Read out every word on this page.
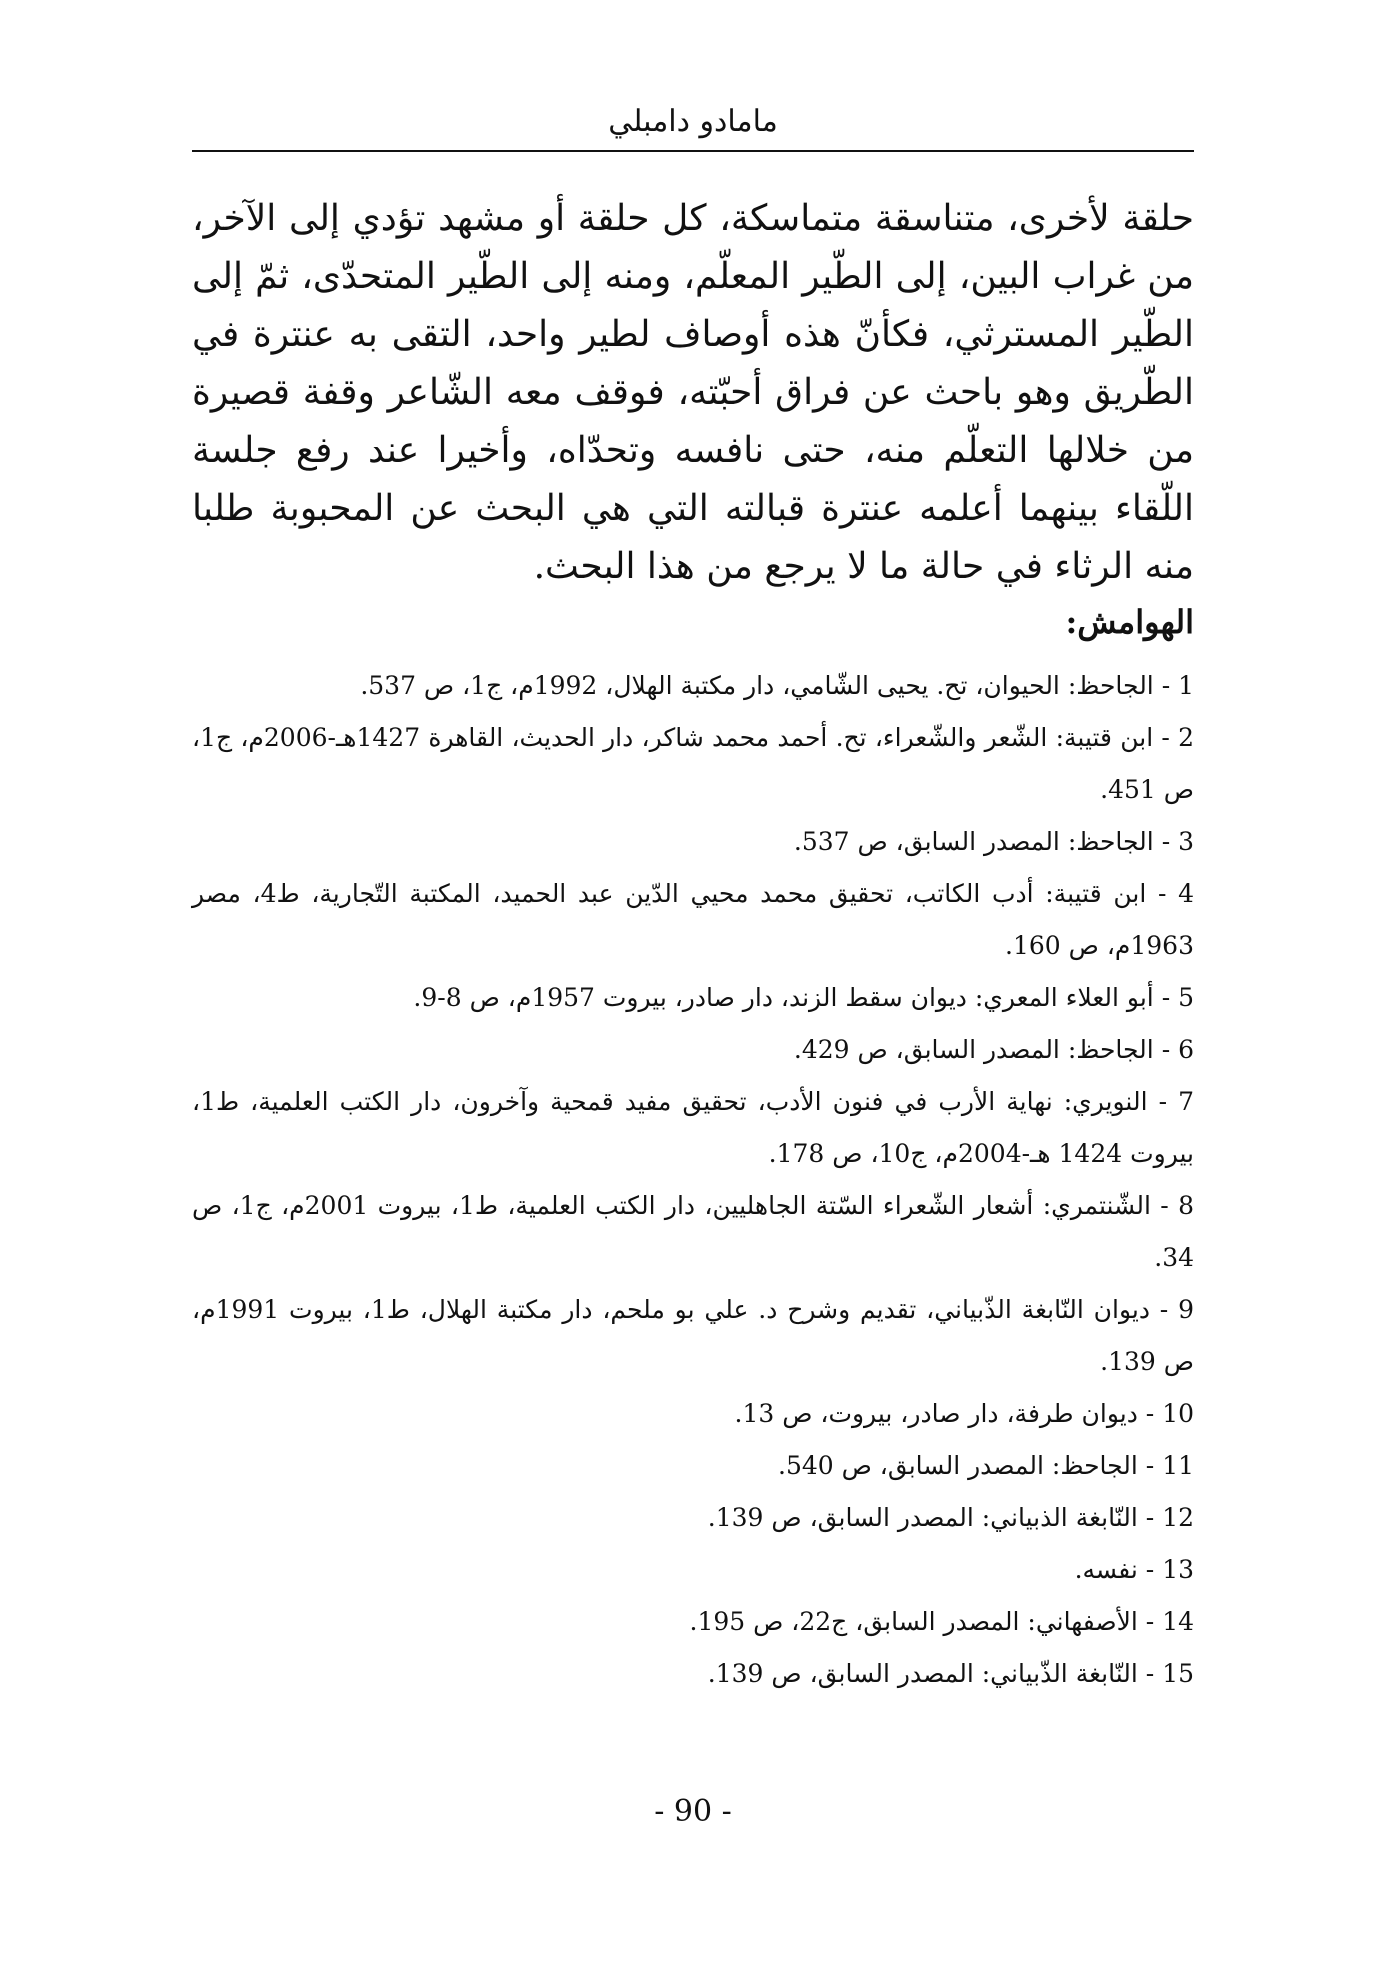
مامادو دامبلي

حلقة لأخرى، متناسقة متماسكة، كل حلقة أو مشهد تؤدي إلى الآخر، من غراب البين، إلى الطّير المعلّم، ومنه إلى الطّير المتحدّى، ثمّ إلى الطّير المسترثي، فكأنّ هذه أوصاف لطير واحد، التقى به عنترة في الطّريق وهو باحث عن فراق أحبّته، فوقف معه الشّاعر وقفة قصيرة من خلالها التعلّم منه، حتى نافسه وتحدّاه، وأخيرا عند رفع جلسة اللّقاء بينهما أعلمه عنترة قبالته التي هي البحث عن المحبوبة طلبا منه الرثاء في حالة ما لا يرجع من هذا البحث.

الهوامش:
1 - الجاحظ: الحيوان، تح. يحيى الشّامي، دار مكتبة الهلال، 1992م، ج1، ص 537.
2 - ابن قتيبة: الشّعر والشّعراء، تح. أحمد محمد شاكر، دار الحديث، القاهرة 1427هـ-2006م، ج1، ص 451.
3 - الجاحظ: المصدر السابق، ص 537.
4 - ابن قتيبة: أدب الكاتب، تحقيق محمد محيي الدّين عبد الحميد، المكتبة التّجارية، ط4، مصر 1963م، ص 160.
5 - أبو العلاء المعري: ديوان سقط الزند، دار صادر، بيروت 1957م، ص 8-9.
6 - الجاحظ: المصدر السابق، ص 429.
7 - النويري: نهاية الأرب في فنون الأدب، تحقيق مفيد قمحية وآخرون، دار الكتب العلمية، ط1، بيروت 1424 هـ-2004م، ج10، ص 178.
8 - الشّنتمري: أشعار الشّعراء السّتة الجاهليين، دار الكتب العلمية، ط1، بيروت 2001م، ج1، ص 34.
9 - ديوان النّابغة الذّبياني، تقديم وشرح د. علي بو ملحم، دار مكتبة الهلال، ط1، بيروت 1991م، ص 139.
10 - ديوان طرفة، دار صادر، بيروت، ص 13.
11 - الجاحظ: المصدر السابق، ص 540.
12 - النّابغة الذبياني: المصدر السابق، ص 139.
13 - نفسه.
14 - الأصفهاني: المصدر السابق، ج22، ص 195.
15 - النّابغة الذّبياني: المصدر السابق، ص 139.
- 90 -
